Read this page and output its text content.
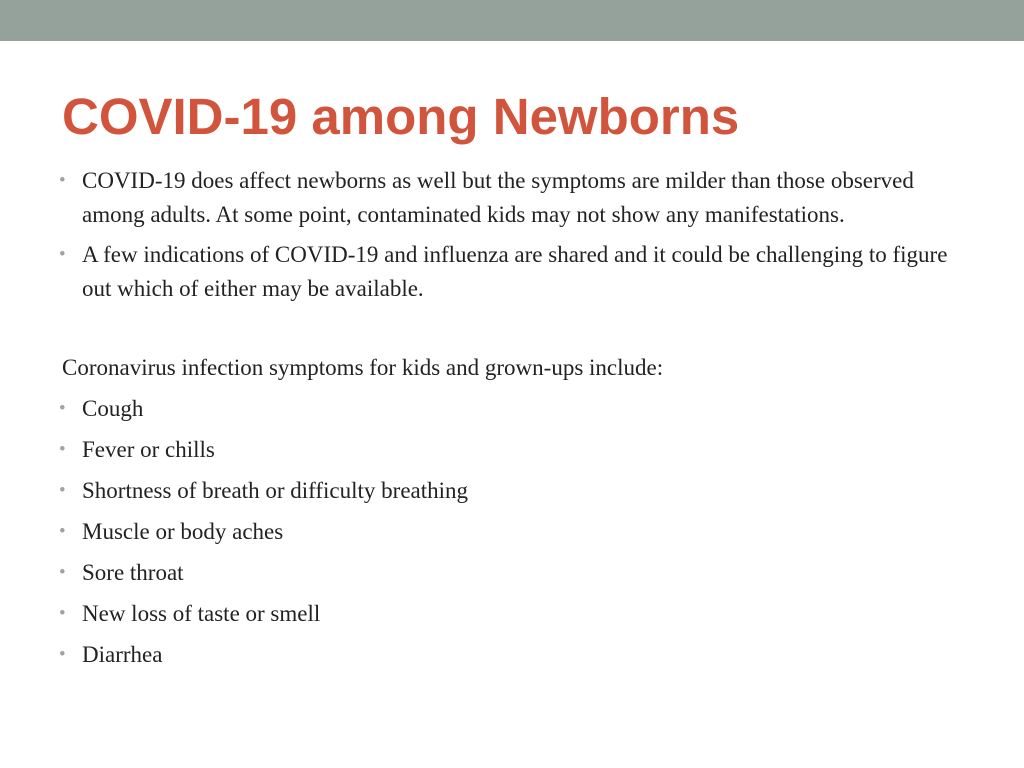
COVID-19 among Newborns
• COVID-19 does affect newborns as well but the symptoms are milder than those observed among adults. At some point, contaminated kids may not show any manifestations.
• A few indications of COVID-19 and influenza are shared and it could be challenging to figure out which of either may be available.

Coronavirus infection symptoms for kids and grown-ups include:

• Cough
• Fever or chills
• Shortness of breath or difficulty breathing
• Muscle or body aches
• Sore throat
• New loss of taste or smell
• Diarrhea
